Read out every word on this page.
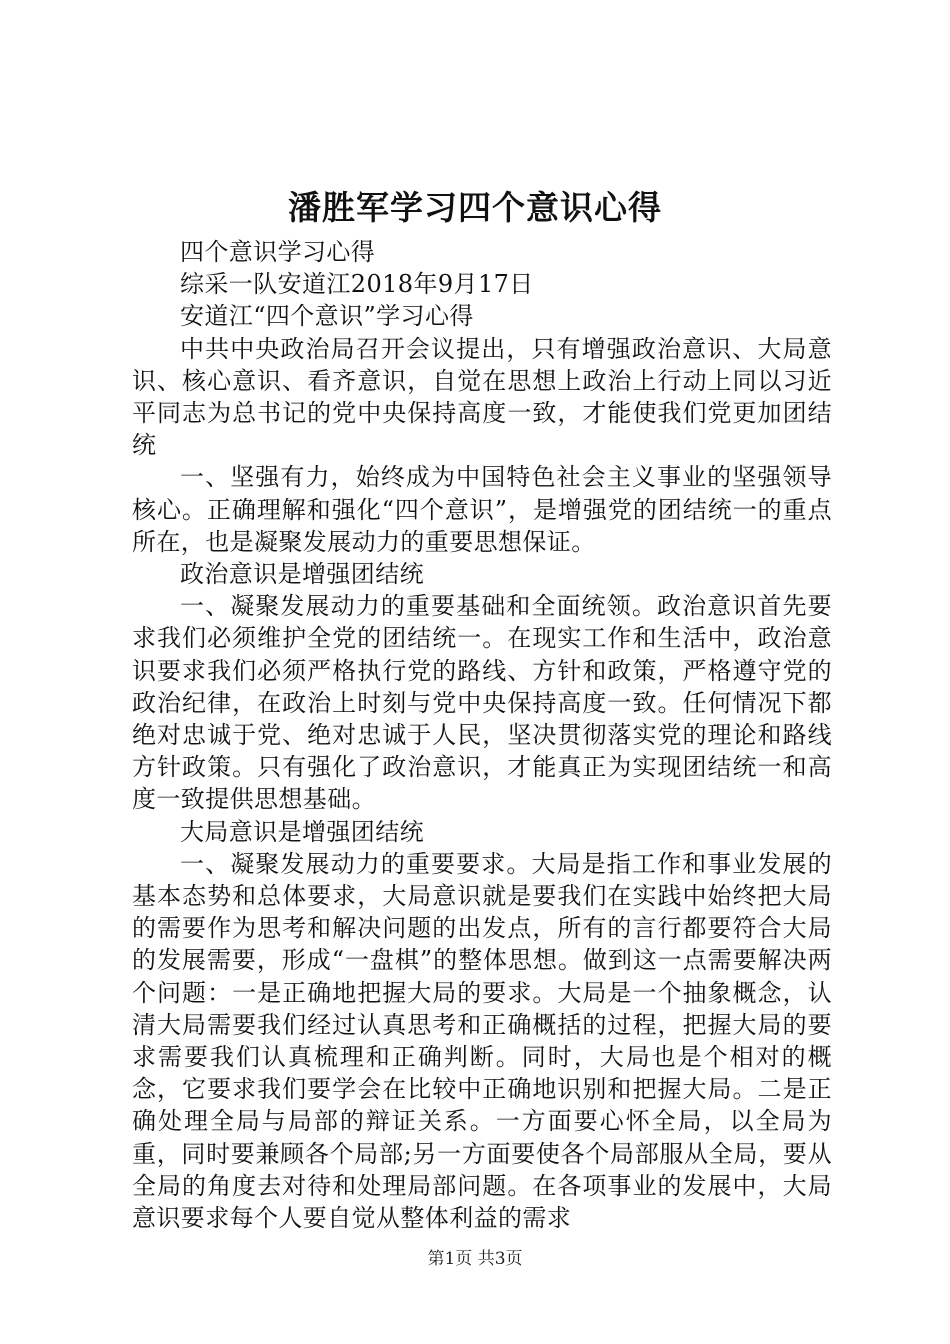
潘胜军学习四个意识心得

四个意识学习心得

综采一队安道江2018年9月17日

安道江“四个意识”学习心得

中共中央政治局召开会议提出，只有增强政治意识、大局意识、核心意识、看齐意识，自觉在思想上政治上行动上同以习近平同志为总书记的党中央保持高度一致，才能使我们党更加团结统

一、坚强有力，始终成为中国特色社会主义事业的坚强领导核心。正确理解和强化“四个意识”，是增强党的团结统一的重点所在，也是凝聚发展动力的重要思想保证。

政治意识是增强团结统

一、凝聚发展动力的重要基础和全面统领。政治意识首先要求我们必须维护全党的团结统一。在现实工作和生活中，政治意识要求我们必须严格执行党的路线、方针和政策，严格遵守党的政治纪律，在政治上时刻与党中央保持高度一致。任何情况下都绝对忠诚于党、绝对忠诚于人民，坚决贯彻落实党的理论和路线方针政策。只有强化了政治意识，才能真正为实现团结统一和高度一致提供思想基础。

大局意识是增强团结统

一、凝聚发展动力的重要要求。大局是指工作和事业发展的基本态势和总体要求，大局意识就是要我们在实践中始终把大局的需要作为思考和解决问题的出发点，所有的言行都要符合大局的发展需要，形成“一盘棋”的整体思想。做到这一点需要解决两个问题：一是正确地把握大局的要求。大局是一个抽象概念，认清大局需要我们经过认真思考和正确概括的过程，把握大局的要求需要我们认真梳理和正确判断。同时，大局也是个相对的概念，它要求我们要学会在比较中正确地识别和把握大局。二是正确处理全局与局部的辩证关系。一方面要心怀全局，以全局为重，同时要兼顾各个局部;另一方面要使各个局部服从全局，要从全局的角度去对待和处理局部问题。在各项事业的发展中，大局意识要求每个人要自觉从整体利益的需求

第1页 共3页
